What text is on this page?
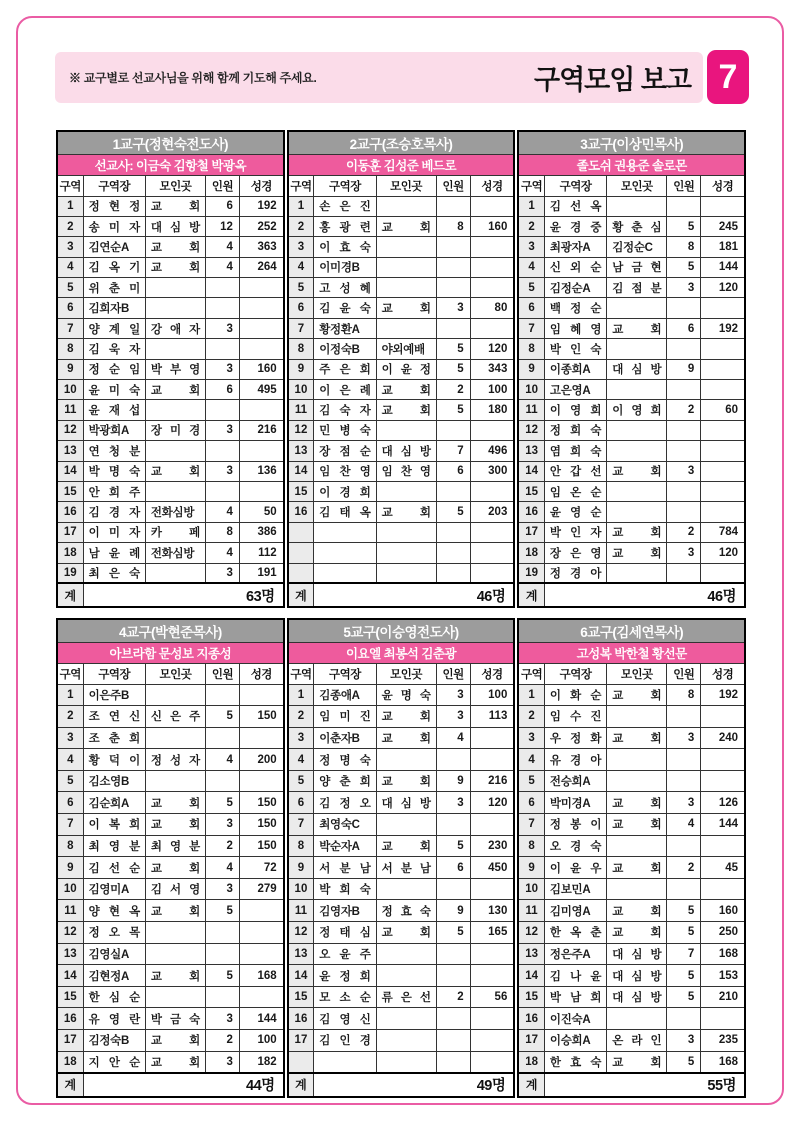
※ 교구별로 선교사님을 위해 함께 기도해 주세요.	구역모임 보고 7
1교구(정현숙전도사)				
선교사: 이금숙 김항철 박광옥				
구역	구역장	모인곳	인원	성경
1	정 현 정	교 회	6	192
2	송 미 자	대 심 방	12	252
3	김연순A	교 회	4	363
4	김 옥 기	교 회	4	264
5	위 춘 미			
6	김희자B			
7	양 계 일	강 애 자	3	
8	김 욱 자			
9	정 순 임	박 부 영	3	160
10	윤 미 숙	교 회	6	495
11	윤 재 섭			
12	박광희A	장 미 경	3	216
13	연 청 분			
14	박 명 숙	교 회	3	136
15	안 희 주			
16	김 경 자	전화심방	4	50
17	이 미 자	카 페	8	386
18	남 윤 례	전화심방	4	112
19	최 은 숙		3	191
계	63명			
2교구(조승호목사)				
이동훈 김성준 베드로				
구역	구역장	모인곳	인원	성경
1	손 은 진			
2	홍 광 련	교 회	8	160
3	이 효 숙			
4	이미경B			
5	고 성 혜			
6	김 윤 숙	교 회	3	80
7	황정환A			
8	이정숙B	야외예배	5	120
9	주 은 희	이 윤 정	5	343
10	이 은 례	교 회	2	100
11	김 숙 자	교 회	5	180
12	민 병 숙			
13	장 점 순	대 심 방	7	496
14	임 찬 영	임 찬 영	6	300
15	이 경 희			
16	김 태 옥	교 회	5	203

계	46명			
3교구(이상민목사)				
졸도쉬 권용준 솔로몬				
구역	구역장	모인곳	인원	성경
1	김 선 옥			
2	윤 경 중	황 춘 심	5	245
3	최광자A	김정순C	8	181
4	신 외 순	남 금 현	5	144
5	김정순A	김 점 분	3	120
6	백 정 순			
7	임 혜 영	교 회	6	192
8	박 인 숙			
9	이종희A	대 심 방	9	
10	고은영A			
11	이 영 희	이 영 희	2	60
12	정 희 숙			
13	염 희 숙			
14	안 갑 선	교 회	3	
15	임 온 순			
16	윤 영 순			
17	박 인 자	교 회	2	784
18	장 은 영	교 회	3	120
19	정 경 아			
계	46명			
4교구(박현준목사)				
아브라함 문성보 지종성				
구역	구역장	모인곳	인원	성경
1	이은주B			
2	조 연 신	신 은 주	5	150
3	조 춘 희			
4	황 덕 이	정 성 자	4	200
5	김소영B			
6	김순희A	교 회	5	150
7	이 복 희	교 회	3	150
8	최 영 분	최 영 분	2	150
9	김 선 순	교 회	4	72
10	김영미A	김 서 영	3	279
11	양 현 옥	교 회	5	
12	정 오 목			
13	김영실A			
14	김현정A	교 회	5	168
15	한 심 순			
16	유 영 란	박 금 숙	3	144
17	김정숙B	교 회	2	100
18	지 안 순	교 회	3	182
계	44명			
5교구(이승영전도사)				
이요엘 최봉석 김춘광				
구역	구역장	모인곳	인원	성경
1	김종애A	윤 명 숙	3	100
2	임 미 진	교 회	3	113
3	이춘자B	교 회	4	
4	정 명 숙			
5	양 춘 희	교 회	9	216
6	김 정 오	대 심 방	3	120
7	최영숙C			
8	박순자A	교 회	5	230
9	서 분 남	서 분 남	6	450
10	박 희 숙			
11	김영자B	정 효 숙	9	130
12	정 태 심	교 회	5	165
13	오 윤 주			
14	윤 정 희			
15	모 소 순	류 은 선	2	56
16	김 영 신			
17	김 인 경			

계	49명			
6교구(김세연목사)				
고성복 박한철 황선문				
구역	구역장	모인곳	인원	성경
1	이 화 순	교 회	8	192
2	임 수 진			
3	우 정 화	교 회	3	240
4	유 경 아			
5	전승희A			
6	박미경A	교 회	3	126
7	정 봉 이	교 회	4	144
8	오 경 숙			
9	이 윤 우	교 회	2	45
10	김보민A			
11	김미영A	교 회	5	160
12	한 옥 춘	교 회	5	250
13	정은주A	대 심 방	7	168
14	김 나 윤	대 심 방	5	153
15	박 남 희	대 심 방	5	210
16	이진숙A			
17	이승희A	온 라 인	3	235
18	한 효 숙	교 회	5	168
계	55명			
